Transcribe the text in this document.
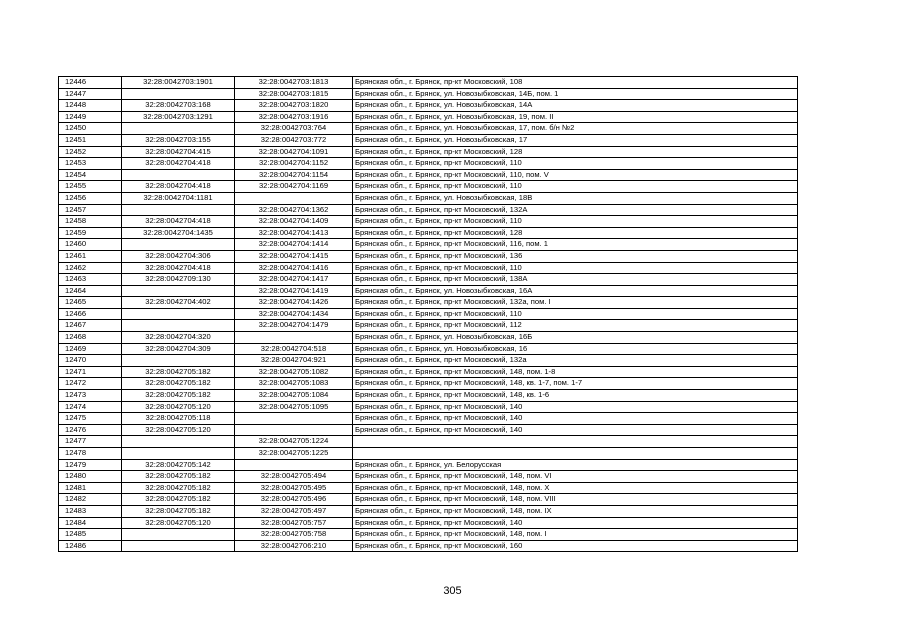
12446	32:28:0042703:1901	32:28:0042703:1813	Брянская обл., г. Брянск, пр-кт Московский, 108
12447		32:28:0042703:1815	Брянская обл., г. Брянск, ул. Новозыбковская, 14Б, пом. 1
12448	32:28:0042703:168	32:28:0042703:1820	Брянская обл., г. Брянск, ул. Новозыбковская, 14А
12449	32:28:0042703:1291	32:28:0042703:1916	Брянская обл., г. Брянск, ул. Новозыбковская, 19, пом. II
12450		32:28:0042703:764	Брянская обл., г. Брянск, ул. Новозыбковская, 17, пом. б/н №2
12451	32:28:0042703:155	32:28:0042703:772	Брянская обл., г. Брянск, ул. Новозыбковская, 17
12452	32:28:0042704:415	32:28:0042704:1091	Брянская обл., г. Брянск, пр-кт Московский, 128
12453	32:28:0042704:418	32:28:0042704:1152	Брянская обл., г. Брянск, пр-кт Московский, 110
12454		32:28:0042704:1154	Брянская обл., г. Брянск, пр-кт Московский, 110, пом. V
12455	32:28:0042704:418	32:28:0042704:1169	Брянская обл., г. Брянск, пр-кт Московский, 110
12456	32:28:0042704:1181		Брянская обл., г. Брянск, ул. Новозыбковская, 18В
12457		32:28:0042704:1362	Брянская обл., г. Брянск, пр-кт Московский, 132А
12458	32:28:0042704:418	32:28:0042704:1409	Брянская обл., г. Брянск, пр-кт Московский, 110
12459	32:28:0042704:1435	32:28:0042704:1413	Брянская обл., г. Брянск, пр-кт Московский, 128
12460		32:28:0042704:1414	Брянская обл., г. Брянск, пр-кт Московский, 116, пом. 1
12461	32:28:0042704:306	32:28:0042704:1415	Брянская обл., г. Брянск, пр-кт Московский, 136
12462	32:28:0042704:418	32:28:0042704:1416	Брянская обл., г. Брянск, пр-кт Московский, 110
12463	32:28:0042709:130	32:28:0042704:1417	Брянская обл., г. Брянск, пр-кт Московский, 138А
12464		32:28:0042704:1419	Брянская обл., г. Брянск, ул. Новозыбковская, 16А
12465	32:28:0042704:402	32:28:0042704:1426	Брянская обл., г. Брянск, пр-кт Московский, 132а, пом. I
12466		32:28:0042704:1434	Брянская обл., г. Брянск, пр-кт Московский, 110
12467		32:28:0042704:1479	Брянская обл., г. Брянск, пр-кт Московский, 112
12468	32:28:0042704:320		Брянская обл., г. Брянск, ул. Новозыбковская, 16Б
12469	32:28:0042704:309	32:28:0042704:518	Брянская обл., г. Брянск, ул. Новозыбковская, 16
12470		32:28:0042704:921	Брянская обл., г. Брянск, пр-кт Московский, 132а
12471	32:28:0042705:182	32:28:0042705:1082	Брянская обл., г. Брянск, пр-кт Московский, 148, пом. 1-8
12472	32:28:0042705:182	32:28:0042705:1083	Брянская обл., г. Брянск, пр-кт Московский, 148, кв. 1-7, пом. 1-7
12473	32:28:0042705:182	32:28:0042705:1084	Брянская обл., г. Брянск, пр-кт Московский, 148, кв. 1-6
12474	32:28:0042705:120	32:28:0042705:1095	Брянская обл., г. Брянск, пр-кт Московский, 140
12475	32:28:0042705:118		Брянская обл., г. Брянск, пр-кт Московский, 140
12476	32:28:0042705:120		Брянская обл., г. Брянск, пр-кт Московский, 140
12477		32:28:0042705:1224	
12478		32:28:0042705:1225	
12479	32:28:0042705:142		Брянская обл., г. Брянск, ул. Белорусская
12480	32:28:0042705:182	32:28:0042705:494	Брянская обл., г. Брянск, пр-кт Московский, 148, пом. VI
12481	32:28:0042705:182	32:28:0042705:495	Брянская обл., г. Брянск, пр-кт Московский, 148, пом. X
12482	32:28:0042705:182	32:28:0042705:496	Брянская обл., г. Брянск, пр-кт Московский, 148, пом. VIII
12483	32:28:0042705:182	32:28:0042705:497	Брянская обл., г. Брянск, пр-кт Московский, 148, пом. IX
12484	32:28:0042705:120	32:28:0042705:757	Брянская обл., г. Брянск, пр-кт Московский, 140
12485		32:28:0042705:758	Брянская обл., г. Брянск, пр-кт Московский, 148, пом. I
12486		32:28:0042706:210	Брянская обл., г. Брянск, пр-кт Московский, 160
305
